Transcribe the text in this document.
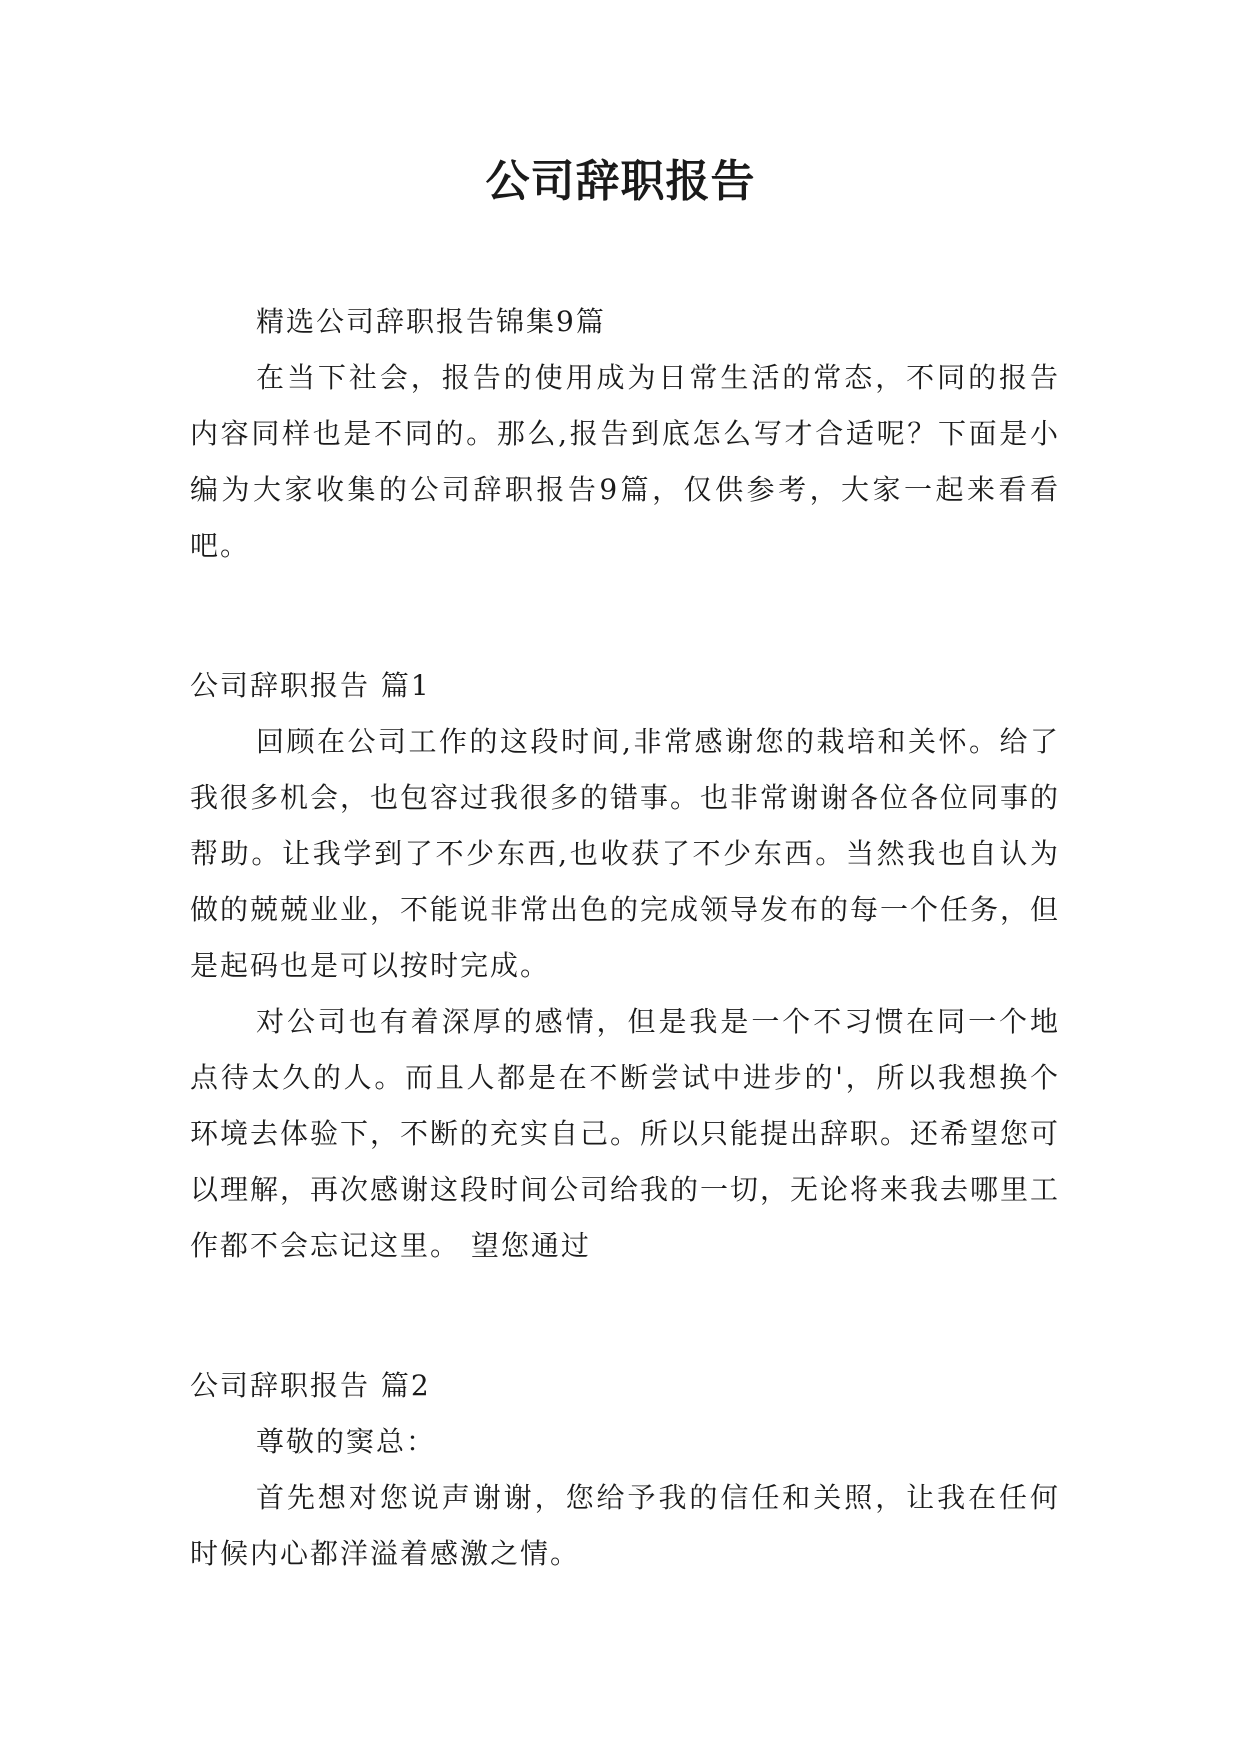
公司辞职报告

精选公司辞职报告锦集9篇

在当下社会，报告的使用成为日常生活的常态，不同的报告内容同样也是不同的。那么,报告到底怎么写才合适呢？下面是小编为大家收集的公司辞职报告9篇，仅供参考，大家一起来看看吧。

公司辞职报告 篇1

回顾在公司工作的这段时间,非常感谢您的栽培和关怀。给了我很多机会，也包容过我很多的错事。也非常谢谢各位各位同事的帮助。让我学到了不少东西,也收获了不少东西。当然我也自认为做的兢兢业业，不能说非常出色的完成领导发布的每一个任务，但是起码也是可以按时完成。

对公司也有着深厚的感情，但是我是一个不习惯在同一个地点待太久的人。而且人都是在不断尝试中进步的'，所以我想换个环境去体验下，不断的充实自己。所以只能提出辞职。还希望您可以理解，再次感谢这段时间公司给我的一切，无论将来我去哪里工作都不会忘记这里。 望您通过

公司辞职报告 篇2

尊敬的窦总：

首先想对您说声谢谢，您给予我的信任和关照，让我在任何时候内心都洋溢着感激之情。
